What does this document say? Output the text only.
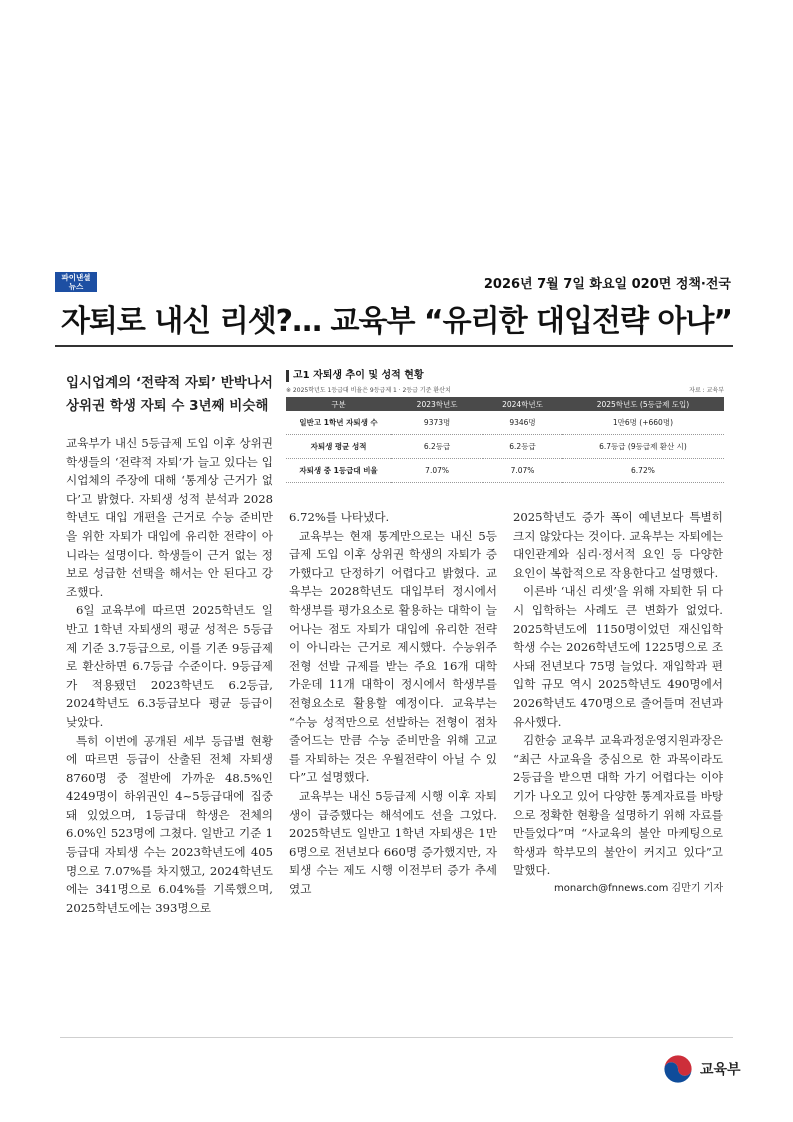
파이낸셜
뉴스	2026년 7월 7일 화요일 020면 정책·전국
자퇴로 내신 리셋?… 교육부 “유리한 대입전략 아냐”
입시업계의 ‘전략적 자퇴’ 반박나서
상위권 학생 자퇴 수 3년째 비슷해
고1 자퇴생 추이 및 성적 현황
※ 2025학년도 1등급대 비율은 9등급제 1 · 2등급 기준 환산치	자료 : 교육부
구분	2023학년도	2024학년도	2025학년도 (5등급제 도입)
일반고 1학년 자퇴생 수	9373명	9346명	1만6명 (+660명)
자퇴생 평균 성적	6.2등급	6.2등급	6.7등급 (9등급제 환산 시)
자퇴생 중 1등급대 비율	7.07%	7.07%	6.72%

교육부가 내신 5등급제 도입 이후 상위권 학생들의 ‘전략적 자퇴’가 늘고 있다는 입시업체의 주장에 대해 ‘통계상 근거가 없다’고 밝혔다. 자퇴생 성적 분석과 2028학년도 대입 개편을 근거로 수능 준비만을 위한 자퇴가 대입에 유리한 전략이 아니라는 설명이다. 학생들이 근거 없는 정보로 성급한 선택을 해서는 안 된다고 강조했다.

6일 교육부에 따르면 2025학년도 일반고 1학년 자퇴생의 평균 성적은 5등급제 기준 3.7등급으로, 이를 기존 9등급제로 환산하면 6.7등급 수준이다. 9등급제가 적용됐던 2023학년도 6.2등급, 2024학년도 6.3등급보다 평균 등급이 낮았다.

특히 이번에 공개된 세부 등급별 현황에 따르면 등급이 산출된 전체 자퇴생 8760명 중 절반에 가까운 48.5%인 4249명이 하위권인 4~5등급대에 집중돼 있었으며, 1등급대 학생은 전체의 6.0%인 523명에 그쳤다. 일반고 기준 1등급대 자퇴생 수는 2023학년도에 405명으로 7.07%를 차지했고, 2024학년도에는 341명으로 6.04%를 기록했으며, 2025학년도에는 393명으로

6.72%를 나타냈다.

교육부는 현재 통계만으로는 내신 5등급제 도입 이후 상위권 학생의 자퇴가 증가했다고 단정하기 어렵다고 밝혔다. 교육부는 2028학년도 대입부터 정시에서 학생부를 평가요소로 활용하는 대학이 늘어나는 점도 자퇴가 대입에 유리한 전략이 아니라는 근거로 제시했다. 수능위주전형 선발 규제를 받는 주요 16개 대학 가운데 11개 대학이 정시에서 학생부를 전형요소로 활용할 예정이다. 교육부는 “수능 성적만으로 선발하는 전형이 점차 줄어드는 만큼 수능 준비만을 위해 고교를 자퇴하는 것은 우월전략이 아닐 수 있다”고 설명했다.

교육부는 내신 5등급제 시행 이후 자퇴생이 급증했다는 해석에도 선을 그었다. 2025학년도 일반고 1학년 자퇴생은 1만6명으로 전년보다 660명 증가했지만, 자퇴생 수는 제도 시행 이전부터 증가 추세였고

2025학년도 증가 폭이 예년보다 특별히 크지 않았다는 것이다. 교육부는 자퇴에는 대인관계와 심리·정서적 요인 등 다양한 요인이 복합적으로 작용한다고 설명했다.

이른바 ‘내신 리셋’을 위해 자퇴한 뒤 다시 입학하는 사례도 큰 변화가 없었다. 2025학년도에 1150명이었던 재신입학 학생 수는 2026학년도에 1225명으로 조사돼 전년보다 75명 늘었다. 재입학과 편입학 규모 역시 2025학년도 490명에서 2026학년도 470명으로 줄어들며 전년과 유사했다.

김한승 교육부 교육과정운영지원과장은 “최근 사교육을 중심으로 한 과목이라도 2등급을 받으면 대학 가기 어렵다는 이야기가 나오고 있어 다양한 통계자료를 바탕으로 정확한 현황을 설명하기 위해 자료를 만들었다”며 “사교육의 불안 마케팅으로 학생과 학부모의 불안이 커지고 있다”고 말했다.

monarch@fnnews.com 김만기 기자

교육부
